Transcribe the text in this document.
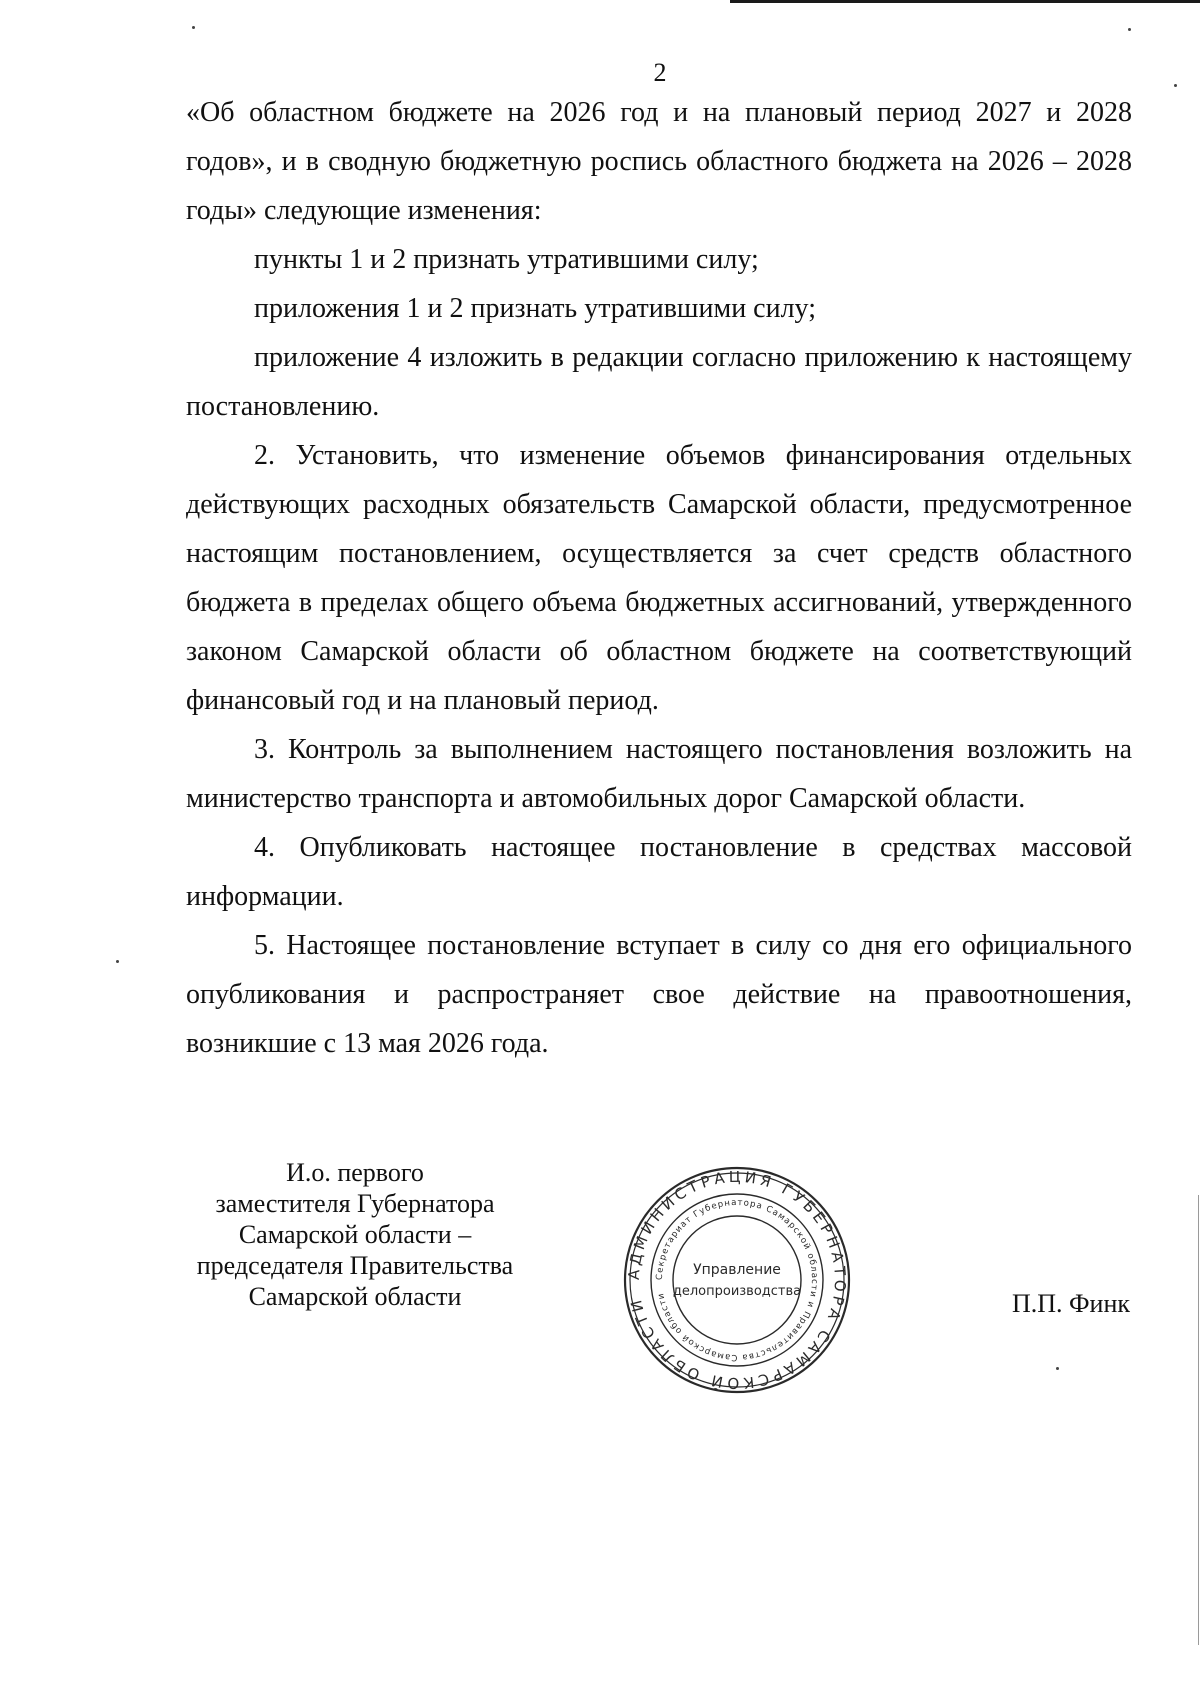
2

«Об областном бюджете на 2026 год и на плановый период 2027 и 2028 годов», и в сводную бюджетную роспись областного бюджета на 2026 – 2028 годы» следующие изменения:

пункты 1 и 2 признать утратившими силу;

приложения 1 и 2 признать утратившими силу;

приложение 4 изложить в редакции согласно приложению к настоящему постановлению.

2. Установить, что изменение объемов финансирования отдельных действующих расходных обязательств Самарской области, предусмотренное настоящим постановлением, осуществляется за счет средств областного бюджета в пределах общего объема бюджетных ассигнований, утвержденного законом Самарской области об областном бюджете на соответствующий финансовый год и на плановый период.

3. Контроль за выполнением настоящего постановления возложить на министерство транспорта и автомобильных дорог Самарской области.

4. Опубликовать настоящее постановление в средствах массовой информации.

5. Настоящее постановление вступает в силу со дня его официального опубликования и распространяет свое действие на правоотношения, возникшие с 13 мая 2026 года.

И.о. первого
заместителя Губернатора
Самарской области –
председателя Правительства
Самарской области
АДМИНИСТРАЦИЯ ГУБЕРНАТОРА САМАРСКОЙ ОБЛАСТИ
Секретариат Губернатора Самарской области и Правительства Самарской области
Управление
делопроизводства	П.П. Финк
